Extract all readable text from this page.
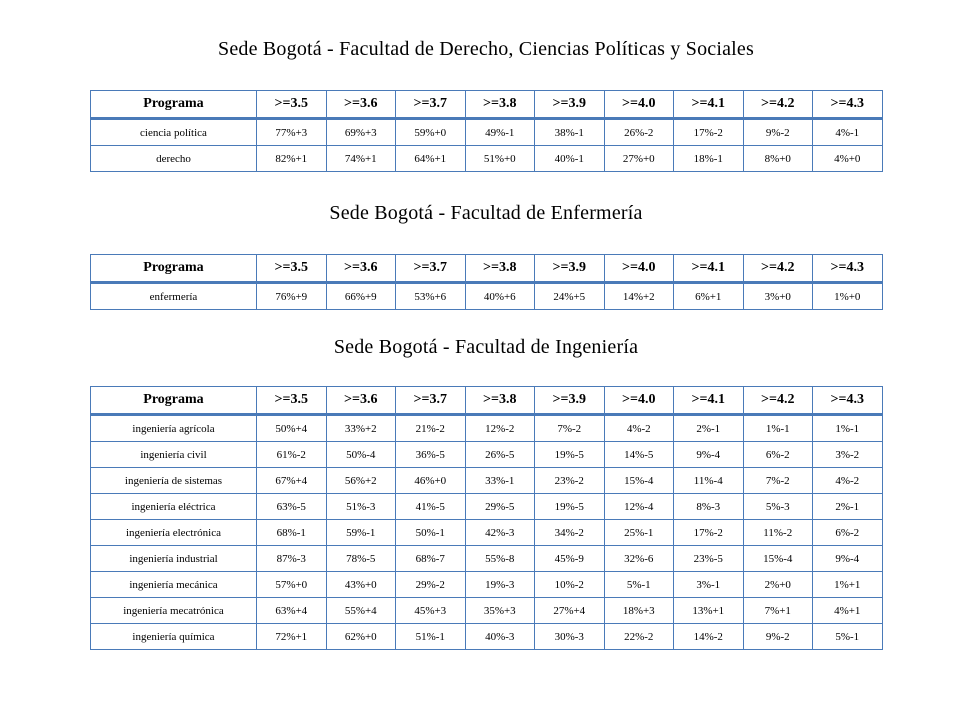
Sede Bogotá - Facultad de Derecho, Ciencias Políticas y Sociales
Programa	>=3.5	>=3.6	>=3.7	>=3.8	>=3.9	>=4.0	>=4.1	>=4.2	>=4.3
ciencia política	77%+3	69%+3	59%+0	49%-1	38%-1	26%-2	17%-2	9%-2	4%-1
derecho	82%+1	74%+1	64%+1	51%+0	40%-1	27%+0	18%-1	8%+0	4%+0
Sede Bogotá - Facultad de Enfermería
Programa	>=3.5	>=3.6	>=3.7	>=3.8	>=3.9	>=4.0	>=4.1	>=4.2	>=4.3
enfermería	76%+9	66%+9	53%+6	40%+6	24%+5	14%+2	6%+1	3%+0	1%+0
Sede Bogotá - Facultad de Ingeniería
Programa	>=3.5	>=3.6	>=3.7	>=3.8	>=3.9	>=4.0	>=4.1	>=4.2	>=4.3
ingeniería agrícola	50%+4	33%+2	21%-2	12%-2	7%-2	4%-2	2%-1	1%-1	1%-1
ingeniería civil	61%-2	50%-4	36%-5	26%-5	19%-5	14%-5	9%-4	6%-2	3%-2
ingeniería de sistemas	67%+4	56%+2	46%+0	33%-1	23%-2	15%-4	11%-4	7%-2	4%-2
ingeniería eléctrica	63%-5	51%-3	41%-5	29%-5	19%-5	12%-4	8%-3	5%-3	2%-1
ingeniería electrónica	68%-1	59%-1	50%-1	42%-3	34%-2	25%-1	17%-2	11%-2	6%-2
ingeniería industrial	87%-3	78%-5	68%-7	55%-8	45%-9	32%-6	23%-5	15%-4	9%-4
ingeniería mecánica	57%+0	43%+0	29%-2	19%-3	10%-2	5%-1	3%-1	2%+0	1%+1
ingeniería mecatrónica	63%+4	55%+4	45%+3	35%+3	27%+4	18%+3	13%+1	7%+1	4%+1
ingeniería química	72%+1	62%+0	51%-1	40%-3	30%-3	22%-2	14%-2	9%-2	5%-1
